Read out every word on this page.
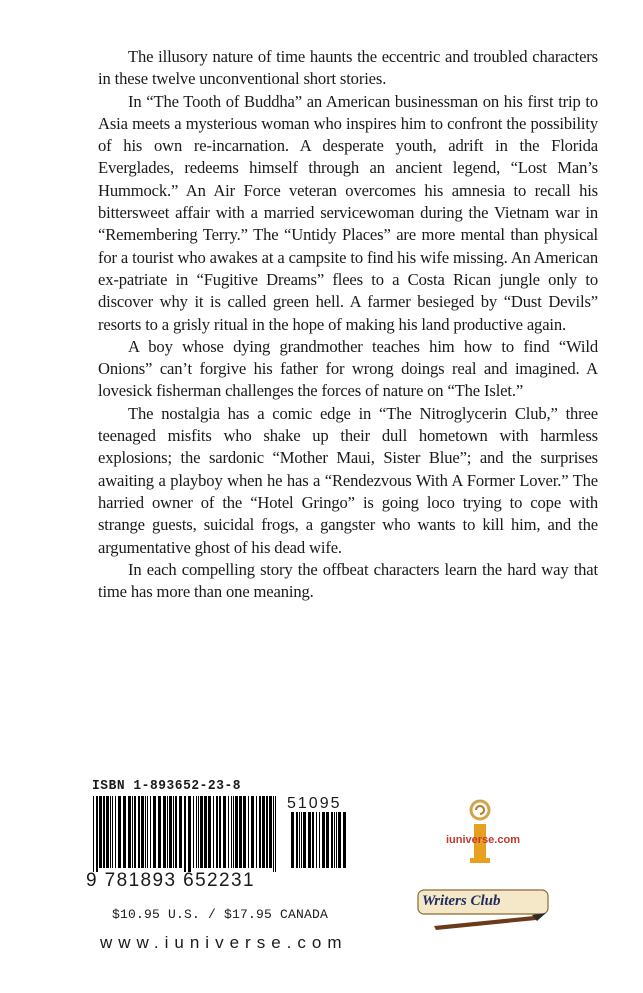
The illusory nature of time haunts the eccentric and troubled characters in these twelve unconventional short stories.

In “The Tooth of Buddha” an American businessman on his first trip to Asia meets a mysterious woman who inspires him to confront the possibility of his own re-incarnation. A desperate youth, adrift in the Florida Everglades, redeems himself through an ancient legend, “Lost Man’s Hummock.” An Air Force veteran overcomes his amnesia to recall his bittersweet affair with a married servicewoman during the Vietnam war in “Remembering Terry.” The “Untidy Places” are more mental than physical for a tourist who awakes at a campsite to find his wife missing. An American ex-patriate in “Fugitive Dreams” flees to a Costa Rican jungle only to discover why it is called green hell. A farmer besieged by “Dust Devils” resorts to a grisly ritual in the hope of making his land productive again.

A boy whose dying grandmother teaches him how to find “Wild Onions” can’t forgive his father for wrong doings real and imagined. A lovesick fisherman challenges the forces of nature on “The Islet.”

The nostalgia has a comic edge in “The Nitroglycerin Club,” three teenaged misfits who shake up their dull hometown with harmless explosions; the sardonic “Mother Maui, Sister Blue”; and the surprises awaiting a playboy when he has a “Rendezvous With A Former Lover.” The harried owner of the “Hotel Gringo” is going loco trying to cope with strange guests, suicidal frogs, a gangster who wants to kill him, and the argumentative ghost of his dead wife.

In each compelling story the offbeat characters learn the hard way that time has more than one meaning.

ISBN 1-893652-23-8
51095
9 781893 652231
$10.95 U.S. / $17.95 CANADA
www.iuniverse.com
iuniverse.com
Writers Club
